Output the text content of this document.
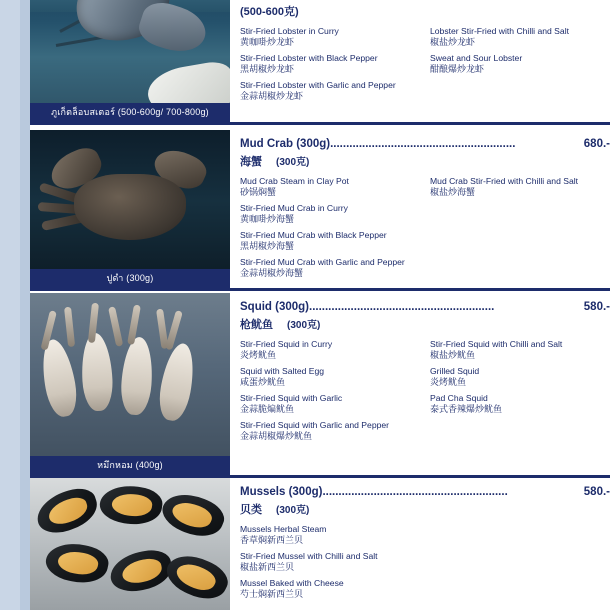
ภูเก็ตล็อบสเตอร์ (500-600g/ 700-800g)
(500-600克)
Stir-Fried Lobster in Curry
黄咖啩炒龙虾
Stir-Fried Lobster with Black Pepper
黑胡椒炒龙虾
Stir-Fried Lobster with Garlic and Pepper
金蒜胡椒炒龙虾
Lobster Stir-Fried with Chilli and Salt
椒盐炒龙虾
Sweat and Sour Lobster
酣酿爆炒龙虾
ปูดำ (300g)
Mud Crab (300g)..........................................................	680.-
海蟹 (300克)
Mud Crab Steam in Clay Pot
砂锅焖蟹
Stir-Fried Mud Crab in Curry
黄咖啩炒海蟹
Stir-Fried Mud Crab with Black Pepper
黑胡椒炒海蟹
Stir-Fried Mud Crab with Garlic and Pepper
金蒜胡椒炒海蟹
Mud Crab Stir-Fried with Chilli and Salt
椒盐炒海蟹
หมึกหอม (400g)
Squid (300g)..........................................................	580.-
枪鱿鱼 (300克)
Stir-Fried Squid in Curry
炎烤鱿鱼
Squid with Salted Egg
咸蛋炒鱿鱼
Stir-Fried Squid with Garlic
金蒜脆煸鱿鱼
Stir-Fried Squid with Garlic and Pepper
金蒜胡椒爆炒鱿鱼
Stir-Fried Squid with Chilli and Salt
椒盐炒鱿鱼
Grilled Squid
炎烤鱿鱼
Pad Cha Squid
泰式香辣爆炒鱿鱼
Mussels (300g)..........................................................	580.-
贝类 (300克)
Mussels Herbal Steam
香草焖新西兰贝
Stir-Fried Mussel with Chilli and Salt
椒盐新西兰贝
Mussel Baked with Cheese
芍士焖新西兰贝
